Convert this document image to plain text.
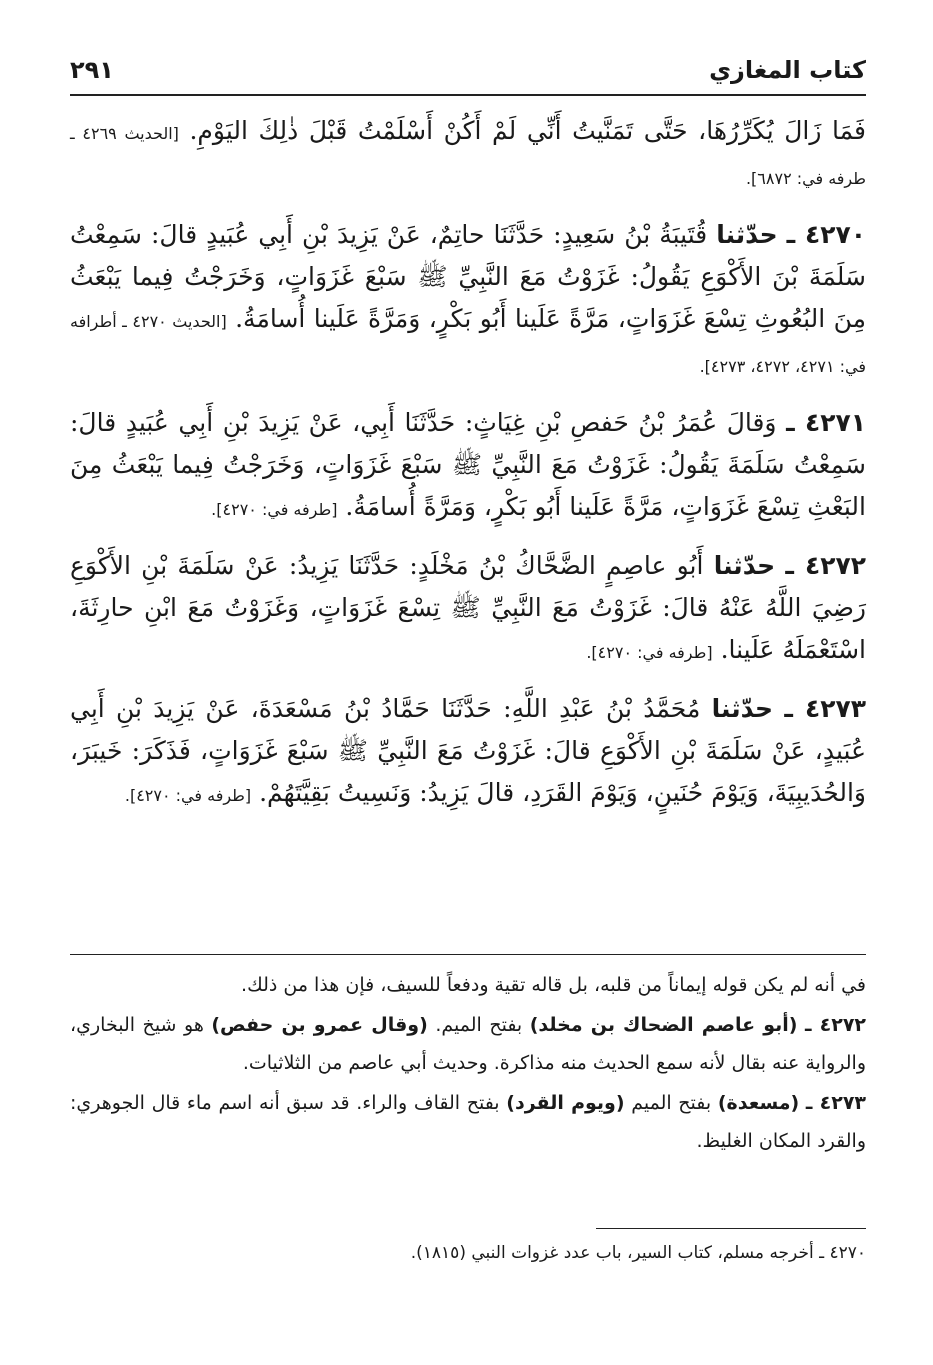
كتاب المغازي
٢٩١

فَمَا زَالَ يُكَرِّرُهَا، حَتَّى تَمَنَّيتُ أَنِّي لَمْ أَكُنْ أَسْلَمْتُ قَبْلَ ذٰلِكَ اليَوْمِ. [الحديث ٤٢٦٩ ـ طرفه في: ٦٨٧٢].

٤٢٧٠ ـ حدّثنا قُتَيبَةُ بْنُ سَعِيدٍ: حَدَّثَنَا حاتِمٌ، عَنْ يَزِيدَ بْنِ أَبِي عُبَيدٍ قالَ: سَمِعْتُ سَلَمَةَ بْنَ الأَكْوَعِ يَقُولُ: غَزَوْتُ مَعَ النَّبِيِّ ﷺ سَبْعَ غَزَوَاتٍ، وَخَرَجْتُ فِيما يَبْعَثُ مِنَ البُعُوثِ تِسْعَ غَزَوَاتٍ، مَرَّةً عَلَينا أَبُو بَكْرٍ، وَمَرَّةً عَلَينا أُسامَةُ. [الحديث ٤٢٧٠ ـ أطرافه في: ٤٢٧١، ٤٢٧٢، ٤٢٧٣].

٤٢٧١ ـ وَقالَ عُمَرُ بْنُ حَفصِ بْنِ غِيَاثٍ: حَدَّثَنَا أَبِي، عَنْ يَزِيدَ بْنِ أَبِي عُبَيدٍ قالَ: سَمِعْتُ سَلَمَةَ يَقُولُ: غَزَوْتُ مَعَ النَّبِيِّ ﷺ سَبْعَ غَزَوَاتٍ، وَخَرَجْتُ فِيما يَبْعَثُ مِنَ البَعْثِ تِسْعَ غَزَوَاتٍ، مَرَّةً عَلَينا أَبُو بَكْرٍ، وَمَرَّةً أُسامَةُ. [طرفه في: ٤٢٧٠].

٤٢٧٢ ـ حدّثنا أَبُو عاصِمٍ الضَّحَّاكُ بْنُ مَخْلَدٍ: حَدَّثَنَا يَزِيدُ: عَنْ سَلَمَةَ بْنِ الأَكْوَعِ رَضِيَ اللَّهُ عَنْهُ قالَ: غَزَوْتُ مَعَ النَّبِيِّ ﷺ تِسْعَ غَزَوَاتٍ، وَغَزَوْتُ مَعَ ابْنِ حارِثَةَ، اسْتَعْمَلَهُ عَلَينا. [طرفه في: ٤٢٧٠].

٤٢٧٣ ـ حدّثنا مُحَمَّدُ بْنُ عَبْدِ اللَّهِ: حَدَّثَنَا حَمَّادُ بْنُ مَسْعَدَةَ، عَنْ يَزِيدَ بْنِ أَبِي عُبَيدٍ، عَنْ سَلَمَةَ بْنِ الأَكْوَعِ قالَ: غَزَوْتُ مَعَ النَّبِيِّ ﷺ سَبْعَ غَزَوَاتٍ، فَذَكَرَ: خَيبَرَ، وَالحُدَيبِيَةَ، وَيَوْمَ حُنَينٍ، وَيَوْمَ القَرَدِ، قالَ يَزِيدُ: وَنَسِيتُ بَقِيَّتَهُمْ. [طرفه في: ٤٢٧٠].

في أنه لم يكن قوله إيماناً من قلبه، بل قاله تقية ودفعاً للسيف، فإن هذا من ذلك.

٤٢٧٢ ـ (أبو عاصم الضحاك بن مخلد) بفتح الميم. (وقال عمرو بن حفص) هو شيخ البخاري، والرواية عنه بقال لأنه سمع الحديث منه مذاكرة. وحديث أبي عاصم من الثلاثيات.

٤٢٧٣ ـ (مسعدة) بفتح الميم (ويوم القرد) بفتح القاف والراء. قد سبق أنه اسم ماء قال الجوهري: والقرد المكان الغليظ.

٤٢٧٠ ـ أخرجه مسلم، كتاب السير، باب عدد غزوات النبي (١٨١٥).
